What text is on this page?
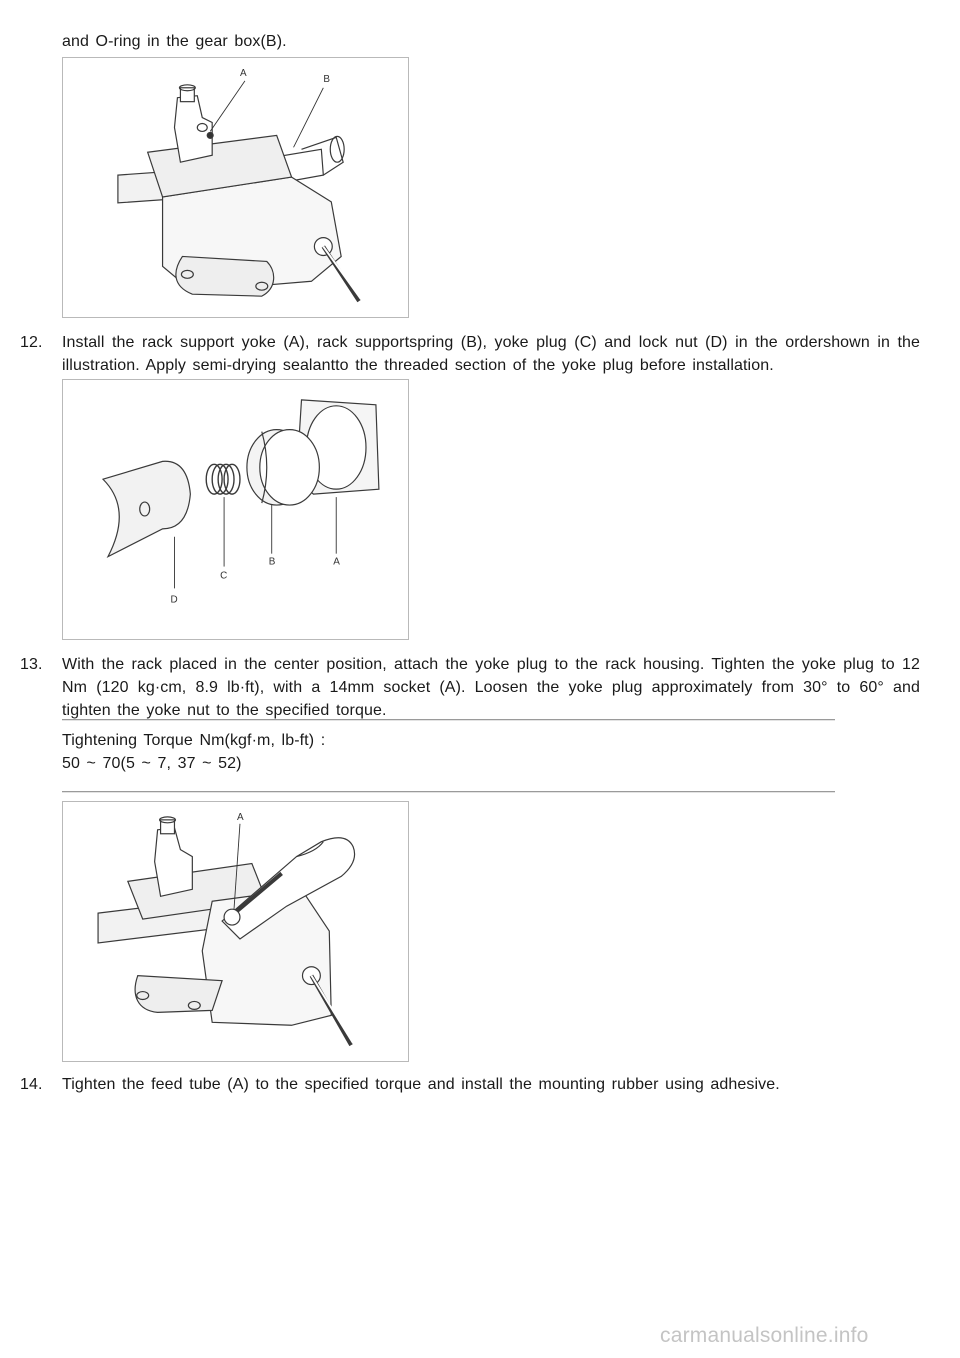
and O-ring in the gear box(B).
A
B
12.	Install the rack support yoke (A), rack supportspring (B), yoke plug (C) and lock nut (D) in the ordershown in the illustration. Apply semi-drying sealantto the threaded section of the yoke plug before installation.
A
B
C
D
13.	With the rack placed in the center position, attach the yoke plug to the rack housing. Tighten the yoke plug to 12 Nm (120 kg·cm, 8.9 lb·ft), with a 14mm socket (A). Loosen the yoke plug approximately from 30° to 60° and tighten the yoke nut to the specified torque.
Tightening Torque Nm(kgf·m, lb-ft) :
50 ~ 70(5 ~ 7, 37 ~ 52)
A
14.	Tighten the feed tube (A) to the specified torque and install the mounting rubber using adhesive.
carmanualsonline.info
